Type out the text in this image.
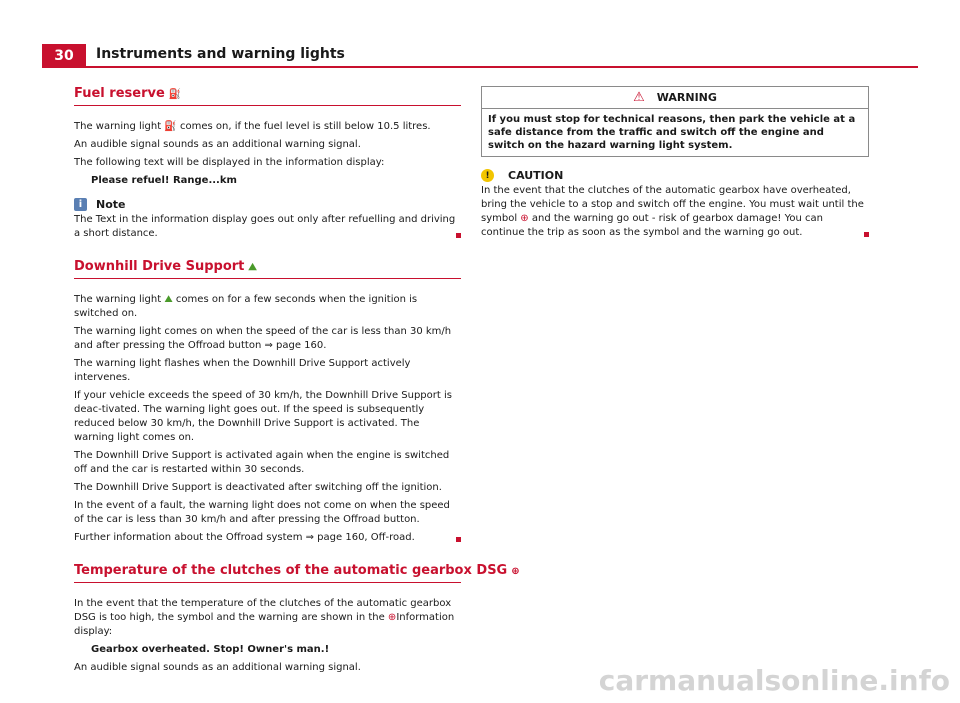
30	Instruments and warning lights
Fuel reserve ⛽

The warning light ⛽ comes on, if the fuel level is still below 10.5 litres.

An audible signal sounds as an additional warning signal.

The following text will be displayed in the information display:

Please refuel! Range...km

i	Note

The Text in the information display goes out only after refuelling and driving a short distance.

Downhill Drive Support ⛰

The warning light ⛰ comes on for a few seconds when the ignition is switched on.

The warning light comes on when the speed of the car is less than 30 km/h and after pressing the Offroad button ⇒ page 160.

The warning light flashes when the Downhill Drive Support actively intervenes.

If your vehicle exceeds the speed of 30 km/h, the Downhill Drive Support is deac-tivated. The warning light goes out. If the speed is subsequently reduced below 30 km/h, the Downhill Drive Support is activated. The warning light comes on.

The Downhill Drive Support is activated again when the engine is switched off and the car is restarted within 30 seconds.

The Downhill Drive Support is deactivated after switching off the ignition.

In the event of a fault, the warning light does not come on when the speed of the car is less than 30 km/h and after pressing the Offroad button.

Further information about the Offroad system ⇒ page 160, Off-road.

Temperature of the clutches of the automatic gearbox DSG ⊕

In the event that the temperature of the clutches of the automatic gearbox DSG is too high, the symbol and the warning are shown in the ⊕Information display:

Gearbox overheated. Stop! Owner's man.!

An audible signal sounds as an additional warning signal.

⚠ WARNING
If you must stop for technical reasons, then park the vehicle at a safe distance from the traffic and switch off the engine and switch on the hazard warning light system.
!	CAUTION

In the event that the clutches of the automatic gearbox have overheated, bring the vehicle to a stop and switch off the engine. You must wait until the symbol ⊕ and the warning go out - risk of gearbox damage! You can continue the trip as soon as the symbol and the warning go out.

carmanualsonline.info
